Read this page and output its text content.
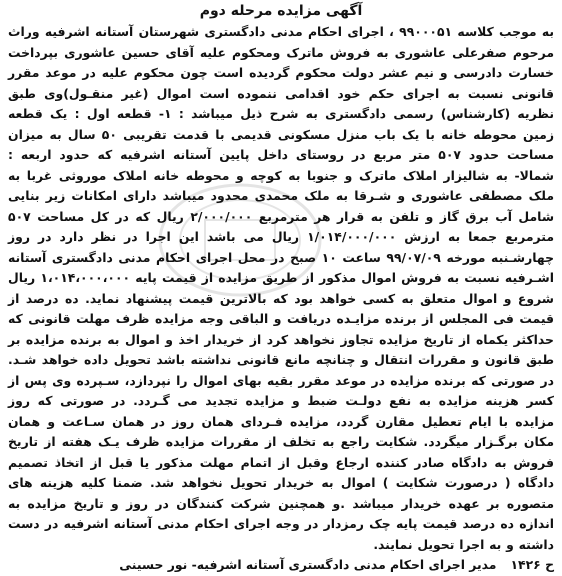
آگهی مزایده مرحله دوم

به موجب کلاسه ۹۹۰۰۰۵۱ ، اجرای احکام مدنی دادگستری شهرستان آستانه اشرفیه وراث مرحوم صفرعلی عاشوری به فروش ماترک ومحکوم علیه آقای حسین عاشوری بپرداخت خسارت دادرسی و نیم عشر دولت محکوم گردیده است چون محکوم علیه در موعد مقرر قانونی نسبت به اجرای حکم خود اقدامی ننموده است اموال (غیر منقـول)وی طبق نظریه (کارشناس) رسمی دادگستری به شرح ذیل میباشد : ۱- قطعه اول : یک قطعه زمین محوطه خانه با یک باب منزل مسکونی قدیمی با قدمت تقریبی ۵۰ سال به میزان مساحت حدود ۵۰۷ متر مربع در روستای داخل پایین آستانه اشرفیه که حدود اربعه : شمالا- به شالیزار املاک ماترک و جنوبا به کوچه و محوطه خانه املاک موروثی غربا به ملک مصطفی عاشوری و شـرقا به ملک محمدی محدود میباشد دارای امکانات زیر بنایی شامل آب برق گاز و تلفن به قرار هر مترمربع ۲/۰۰۰/۰۰۰ ریال که در کل مساحت ۵۰۷ مترمربع جمعا به ارزش ۱/۰۱۴/۰۰۰/۰۰۰ ریال می باشد این اجرا در نظر دارد در روز چهارشـنبه مورخه ۹۹/۰۷/۰۹ ساعت ۱۰ صبح در محل اجرای احکام مدنی دادگستری آستانه اشـرفیه نسبت به فروش اموال مذکور از طریق مزایده از قیمت پایه ۱،۰۱۴،۰۰۰،۰۰۰ ریال شروع و اموال متعلق به کسی خواهد بود که بالاترین قیمت پیشنهاد نماید. ده درصد از قیمت فی المجلس از برنده مزایـده دریافت و الباقی وجه مزایده ظرف مهلت قانونی که حداکثر یکماه از تاریخ مزایده تجاوز نخواهد کرد از خریدار اخذ و اموال به برنده مزایده بر طبق قانون و مقررات انتقال و چنانچه مانع قانونی نداشته باشد تحویل داده خواهد شـد. در صورتی که برنده مزایده در موعد مقرر بقیه بهای اموال را نپردازد، سـپرده وی پس از کسر هزینه مزایده به نفع دولـت ضبط و مزایده تجدید می گـردد. در صورتی که روز مزایده با ایام تعطیل مقارن گردد، مزایده فـردای همان روز در همان سـاعت و همان مکان برگـزار میگردد. شکایت راجع به تخلف از مقررات مزایده ظرف یـک هفته از تاریخ فروش به دادگاه صادر کننده ارجاع وقبل از اتمام مهلت مذکور یا قبل از اتخاذ تصمیم دادگاه ( درصورت شکایت ) اموال به خریدار تحویل نخواهد شد. ضمنا کلیه هزینه های متصوره بر عهده خریدار میباشد .و همچنین شرکت کنندگان در روز و تاریخ مزایده به اندازه ده درصد قیمت پایه چک رمزدار در وجه اجرای احکام مدنی آستانه اشرفیه در دست داشته و به اجرا تحویل نمایند.

ح ۱۴۲۶مدیر اجرای احکام مدنی دادگستری آستانه اشرفیه- نور حسینی
